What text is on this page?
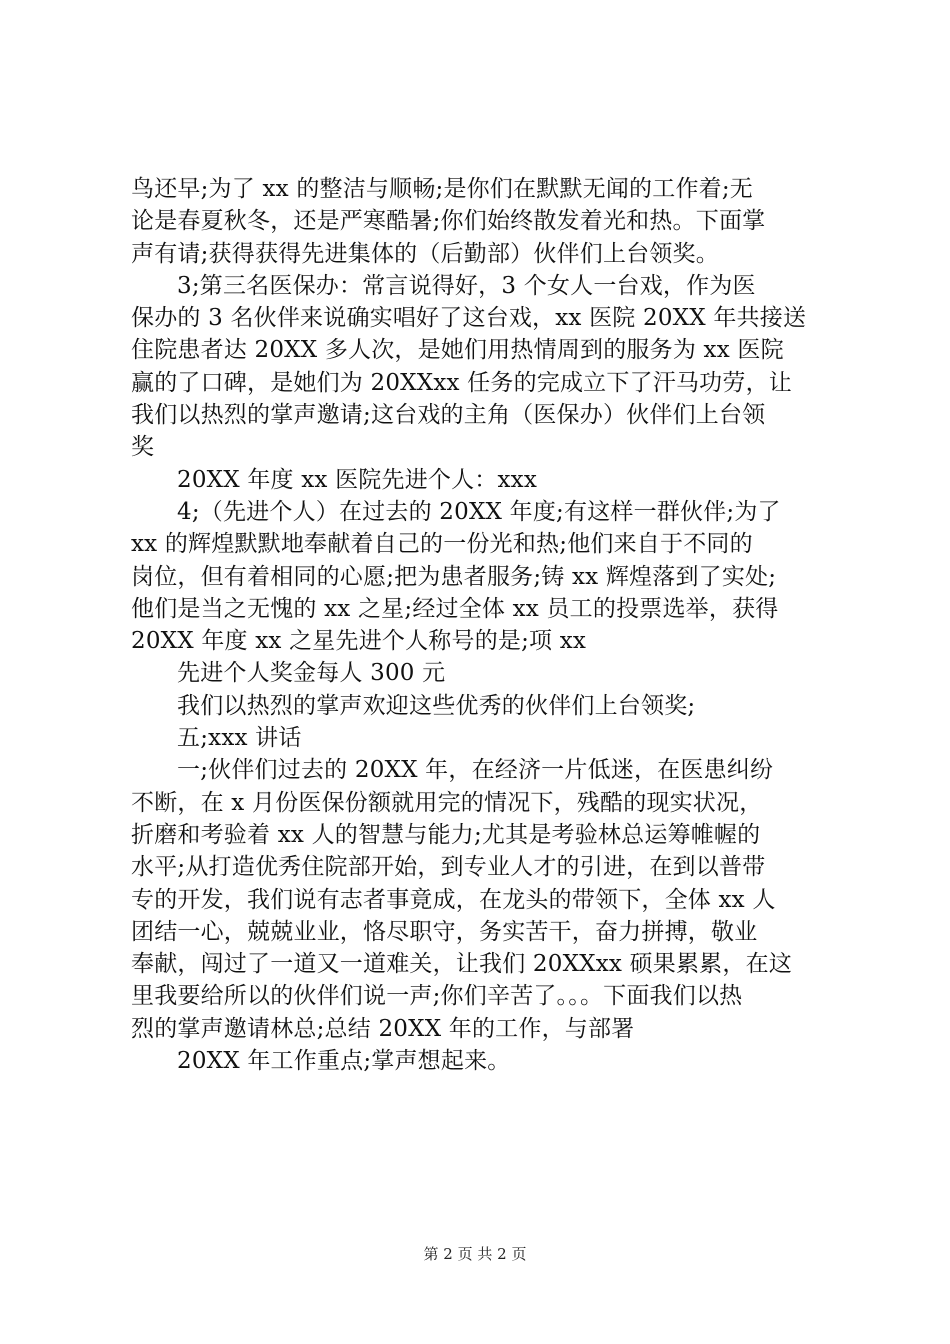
鸟还早;为了 xx 的整洁与顺畅;是你们在默默无闻的工作着;无
论是春夏秋冬，还是严寒酷暑;你们始终散发着光和热。下面掌
声有请;获得获得先进集体的（后勤部）伙伴们上台领奖。
3;第三名医保办：常言说得好，3 个女人一台戏，作为医
保办的 3 名伙伴来说确实唱好了这台戏，xx 医院 20XX 年共接送
住院患者达 20XX 多人次，是她们用热情周到的服务为 xx 医院
赢的了口碑，是她们为 20XXxx 任务的完成立下了汗马功劳，让
我们以热烈的掌声邀请;这台戏的主角（医保办）伙伴们上台领
奖
20XX 年度 xx 医院先进个人：xxx
4;（先进个人）在过去的 20XX 年度;有这样一群伙伴;为了
xx 的辉煌默默地奉献着自己的一份光和热;他们来自于不同的
岗位，但有着相同的心愿;把为患者服务;铸 xx 辉煌落到了实处;
他们是当之无愧的 xx 之星;经过全体 xx 员工的投票选举，获得
20XX 年度 xx 之星先进个人称号的是;项 xx
先进个人奖金每人 300 元
我们以热烈的掌声欢迎这些优秀的伙伴们上台领奖;
五;xxx 讲话
一;伙伴们过去的 20XX 年，在经济一片低迷，在医患纠纷
不断，在 x 月份医保份额就用完的情况下，残酷的现实状况，
折磨和考验着 xx 人的智慧与能力;尤其是考验林总运筹帷幄的
水平;从打造优秀住院部开始，到专业人才的引进，在到以普带
专的开发，我们说有志者事竟成，在龙头的带领下，全体 xx 人
团结一心，兢兢业业，恪尽职守，务实苦干，奋力拼搏，敬业
奉献，闯过了一道又一道难关，让我们 20XXxx 硕果累累，在这
里我要给所以的伙伴们说一声;你们辛苦了。。。下面我们以热
烈的掌声邀请林总;总结 20XX 年的工作，与部署
20XX 年工作重点;掌声想起来。
第 2 页 共 2 页
